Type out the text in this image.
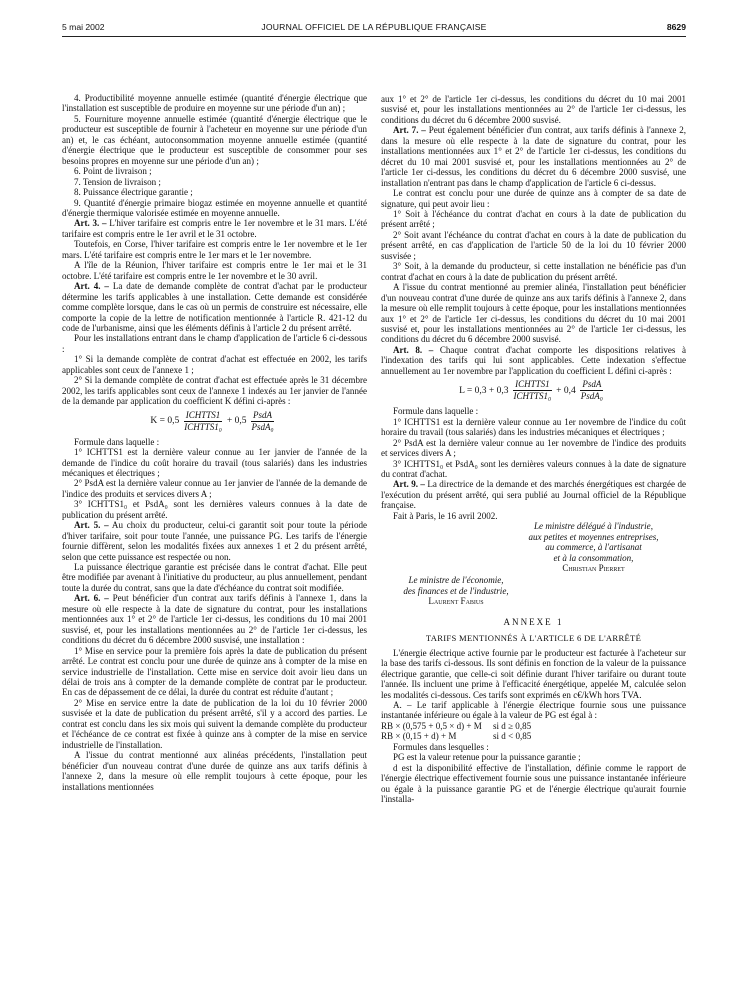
5 mai 2002	JOURNAL OFFICIEL DE LA RÉPUBLIQUE FRANÇAISE	8629

4. Productibilité moyenne annuelle estimée (quantité d'énergie électrique que l'installation est susceptible de produire en moyenne sur une période d'un an) ;

5. Fourniture moyenne annuelle estimée (quantité d'énergie électrique que le producteur est susceptible de fournir à l'acheteur en moyenne sur une période d'un an) et, le cas échéant, autoconsommation moyenne annuelle estimée (quantité d'énergie électrique que le producteur est susceptible de consommer pour ses besoins propres en moyenne sur une période d'un an) ;

6. Point de livraison ;

7. Tension de livraison ;

8. Puissance électrique garantie ;

9. Quantité d'énergie primaire biogaz estimée en moyenne annuelle et quantité d'énergie thermique valorisée estimée en moyenne annuelle.

Art. 3. – L'hiver tarifaire est compris entre le 1er novembre et le 31 mars. L'été tarifaire est compris entre le 1er avril et le 31 octobre.

Toutefois, en Corse, l'hiver tarifaire est compris entre le 1er novembre et le 1er mars. L'été tarifaire est compris entre le 1er mars et le 1er novembre.

A l'île de la Réunion, l'hiver tarifaire est compris entre le 1er mai et le 31 octobre. L'été tarifaire est compris entre le 1er novembre et le 30 avril.

Art. 4. – La date de demande complète de contrat d'achat par le producteur détermine les tarifs applicables à une installation. Cette demande est considérée comme complète lorsque, dans le cas où un permis de construire est nécessaire, elle comporte la copie de la lettre de notification mentionnée à l'article R. 421-12 du code de l'urbanisme, ainsi que les éléments définis à l'article 2 du présent arrêté.

Pour les installations entrant dans le champ d'application de l'article 6 ci-dessous :

1° Si la demande complète de contrat d'achat est effectuée en 2002, les tarifs applicables sont ceux de l'annexe 1 ;

2° Si la demande complète de contrat d'achat est effectuée après le 31 décembre 2002, les tarifs applicables sont ceux de l'annexe 1 indexés au 1er janvier de l'année de la demande par application du coefficient K défini ci-après :

$K = 0,5 \frac{\text{ICHTTS1}}{\text{ICHTTS1₀}} + 0,5 \frac{\text{PsdA}}{\text{PsdA₀}}$

Formule dans laquelle :

1° ICHTTS1 est la dernière valeur connue au 1er janvier de l'année de la demande de l'indice du coût horaire du travail (tous salariés) dans les industries mécaniques et électriques ;

2° PsdA est la dernière valeur connue au 1er janvier de l'année de la demande de l'indice des produits et services divers A ;

3° ICHTTS1₀ et PsdA₀ sont les dernières valeurs connues à la date de publication du présent arrêté.

Art. 5. – Au choix du producteur, celui-ci garantit soit pour toute la période d'hiver tarifaire, soit pour toute l'année, une puissance PG. Les tarifs de l'énergie fournie diffèrent, selon les modalités fixées aux annexes 1 et 2 du présent arrêté, selon que cette puissance est respectée ou non.

La puissance électrique garantie est précisée dans le contrat d'achat. Elle peut être modifiée par avenant à l'initiative du producteur, au plus annuellement, pendant toute la durée du contrat, sans que la date d'échéance du contrat soit modifiée.

Art. 6. – Peut bénéficier d'un contrat aux tarifs définis à l'annexe 1, dans la mesure où elle respecte à la date de signature du contrat, pour les installations mentionnées aux 1° et 2° de l'article 1er ci-dessus, les conditions du 10 mai 2001 susvisé, et, pour les installations mentionnées au 2° de l'article 1er ci-dessus, les conditions du décret du 6 décembre 2000 susvisé, une installation :

1° Mise en service pour la première fois après la date de publication du présent arrêté. Le contrat est conclu pour une durée de quinze ans à compter de la mise en service industrielle de l'installation. Cette mise en service doit avoir lieu dans un délai de trois ans à compter de la demande complète de contrat par le producteur. En cas de dépassement de ce délai, la durée du contrat est réduite d'autant ;

2° Mise en service entre la date de publication de la loi du 10 février 2000 susvisée et la date de publication du présent arrêté, s'il y a accord des parties. Le contrat est conclu dans les six mois qui suivent la demande complète du producteur et l'échéance de ce contrat est fixée à quinze ans à compter de la mise en service industrielle de l'installation.

A l'issue du contrat mentionné aux alinéas précédents, l'installation peut bénéficier d'un nouveau contrat d'une durée de quinze ans aux tarifs définis à l'annexe 2, dans la mesure où elle remplit toujours à cette époque, pour les installations mentionnées

aux 1° et 2° de l'article 1er ci-dessus, les conditions du décret du 10 mai 2001 susvisé et, pour les installations mentionnées au 2° de l'article 1er ci-dessus, les conditions du décret du 6 décembre 2000 susvisé.

Art. 7. – Peut également bénéficier d'un contrat, aux tarifs définis à l'annexe 2, dans la mesure où elle respecte à la date de signature du contrat, pour les installations mentionnées aux 1° et 2° de l'article 1er ci-dessus, les conditions du décret du 10 mai 2001 susvisé et, pour les installations mentionnées au 2° de l'article 1er ci-dessus, les conditions du décret du 6 décembre 2000 susvisé, une installation n'entrant pas dans le champ d'application de l'article 6 ci-dessus.

Le contrat est conclu pour une durée de quinze ans à compter de sa date de signature, qui peut avoir lieu :

1° Soit à l'échéance du contrat d'achat en cours à la date de publication du présent arrêté ;

2° Soit avant l'échéance du contrat d'achat en cours à la date de publication du présent arrêté, en cas d'application de l'article 50 de la loi du 10 février 2000 susvisée ;

3° Soit, à la demande du producteur, si cette installation ne bénéficie pas d'un contrat d'achat en cours à la date de publication du présent arrêté.

A l'issue du contrat mentionné au premier alinéa, l'installation peut bénéficier d'un nouveau contrat d'une durée de quinze ans aux tarifs définis à l'annexe 2, dans la mesure où elle remplit toujours à cette époque, pour les installations mentionnées aux 1° et 2° de l'article 1er ci-dessus, les conditions du décret du 10 mai 2001 susvisé et, pour les installations mentionnées au 2° de l'article 1er ci-dessus, les conditions du décret du 6 décembre 2000 susvisé.

Art. 8. – Chaque contrat d'achat comporte les dispositions relatives à l'indexation des tarifs qui lui sont applicables. Cette indexation s'effectue annuellement au 1er novembre par l'application du coefficient L défini ci-après :

$L = 0,3 + 0,3 \frac{\text{ICHTTS1}}{\text{ICHTTS1₀}} + 0,4 \frac{\text{PsdA}}{\text{PsdA₀}}$

Formule dans laquelle :

1° ICHTTS1 est la dernière valeur connue au 1er novembre de l'indice du coût horaire du travail (tous salariés) dans les industries mécaniques et électriques ;

2° PsdA est la dernière valeur connue au 1er novembre de l'indice des produits et services divers A ;

3° ICHTTS1₀ et PsdA₀ sont les dernières valeurs connues à la date de signature du contrat d'achat.

Art. 9. – La directrice de la demande et des marchés énergétiques est chargée de l'exécution du présent arrêté, qui sera publié au Journal officiel de la République française.

Fait à Paris, le 16 avril 2002.

Le ministre délégué à l'industrie,
aux petites et moyennes entreprises,
au commerce, à l'artisanat
et à la consommation,
Christian Pierret
Le ministre de l'économie,
des finances et de l'industrie,
Laurent Fabius
ANNEXE 1
TARIFS MENTIONNÉS À L'ARTICLE 6 DE L'ARRÊTÉ

L'énergie électrique active fournie par le producteur est facturée à l'acheteur sur la base des tarifs ci-dessous. Ils sont définis en fonction de la valeur de la puissance électrique garantie, que celle-ci soit définie durant l'hiver tarifaire ou durant toute l'année. Ils incluent une prime à l'efficacité énergétique, appelée M, calculée selon les modalités ci-dessous. Ces tarifs sont exprimés en c€/kWh hors TVA.

A. – Le tarif applicable à l'énergie électrique fournie sous une puissance instantanée inférieure ou égale à la valeur de PG est égal à :

RB × (0,575 + 0,5 × d) + M	si d ≥ 0,85
RB × (0,15 + d) + M	si d < 0,85

Formules dans lesquelles :

PG est la valeur retenue pour la puissance garantie ;

d est la disponibilité effective de l'installation, définie comme le rapport de l'énergie électrique effectivement fournie sous une puissance instantanée inférieure ou égale à la puissance garantie PG et de l'énergie électrique qu'aurait fournie l'installa-
